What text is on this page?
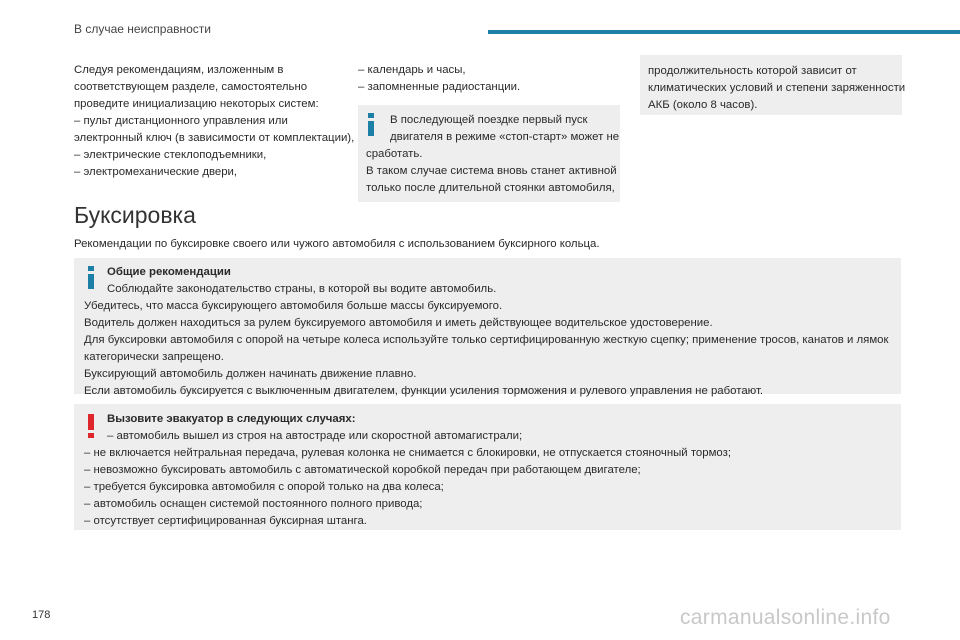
В случае неисправности

Следуя рекомендациям, изложенным в

соответствующем разделе, самостоятельно

проведите инициализацию некоторых систем:

– пульт дистанционного управления или

электронный ключ (в зависимости от комплектации),

– электрические стеклоподъемники,

– электромеханические двери,

– календарь и часы,

– запомненные радиостанции.

В последующей поездке первый пуск

двигателя в режиме «стоп-старт» может не

сработать.

В таком случае система вновь станет активной

только после длительной стоянки автомобиля,

продолжительность которой зависит от

климатических условий и степени заряженности

АКБ (около 8 часов).

Буксировка

Рекомендации по буксировке своего или чужого автомобиля с использованием буксирного кольца.

Общие рекомендации

Соблюдайте законодательство страны, в которой вы водите автомобиль.

Убедитесь, что масса буксирующего автомобиля больше массы буксируемого.

Водитель должен находиться за рулем буксируемого автомобиля и иметь действующее водительское удостоверение.

Для буксировки автомобиля с опорой на четыре колеса используйте только сертифицированную жесткую сцепку; применение тросов, канатов и лямок

категорически запрещено.

Буксирующий автомобиль должен начинать движение плавно.

Если автомобиль буксируется с выключенным двигателем, функции усиления торможения и рулевого управления не работают.

Вызовите эвакуатор в следующих случаях:

– автомобиль вышел из строя на автостраде или скоростной автомагистрали;

– не включается нейтральная передача, рулевая колонка не снимается с блокировки, не отпускается стояночный тормоз;

– невозможно буксировать автомобиль с автоматической коробкой передач при работающем двигателе;

– требуется буксировка автомобиля с опорой только на два колеса;

– автомобиль оснащен системой постоянного полного привода;

– отсутствует сертифицированная буксирная штанга.

178	carmanualsonline.info
